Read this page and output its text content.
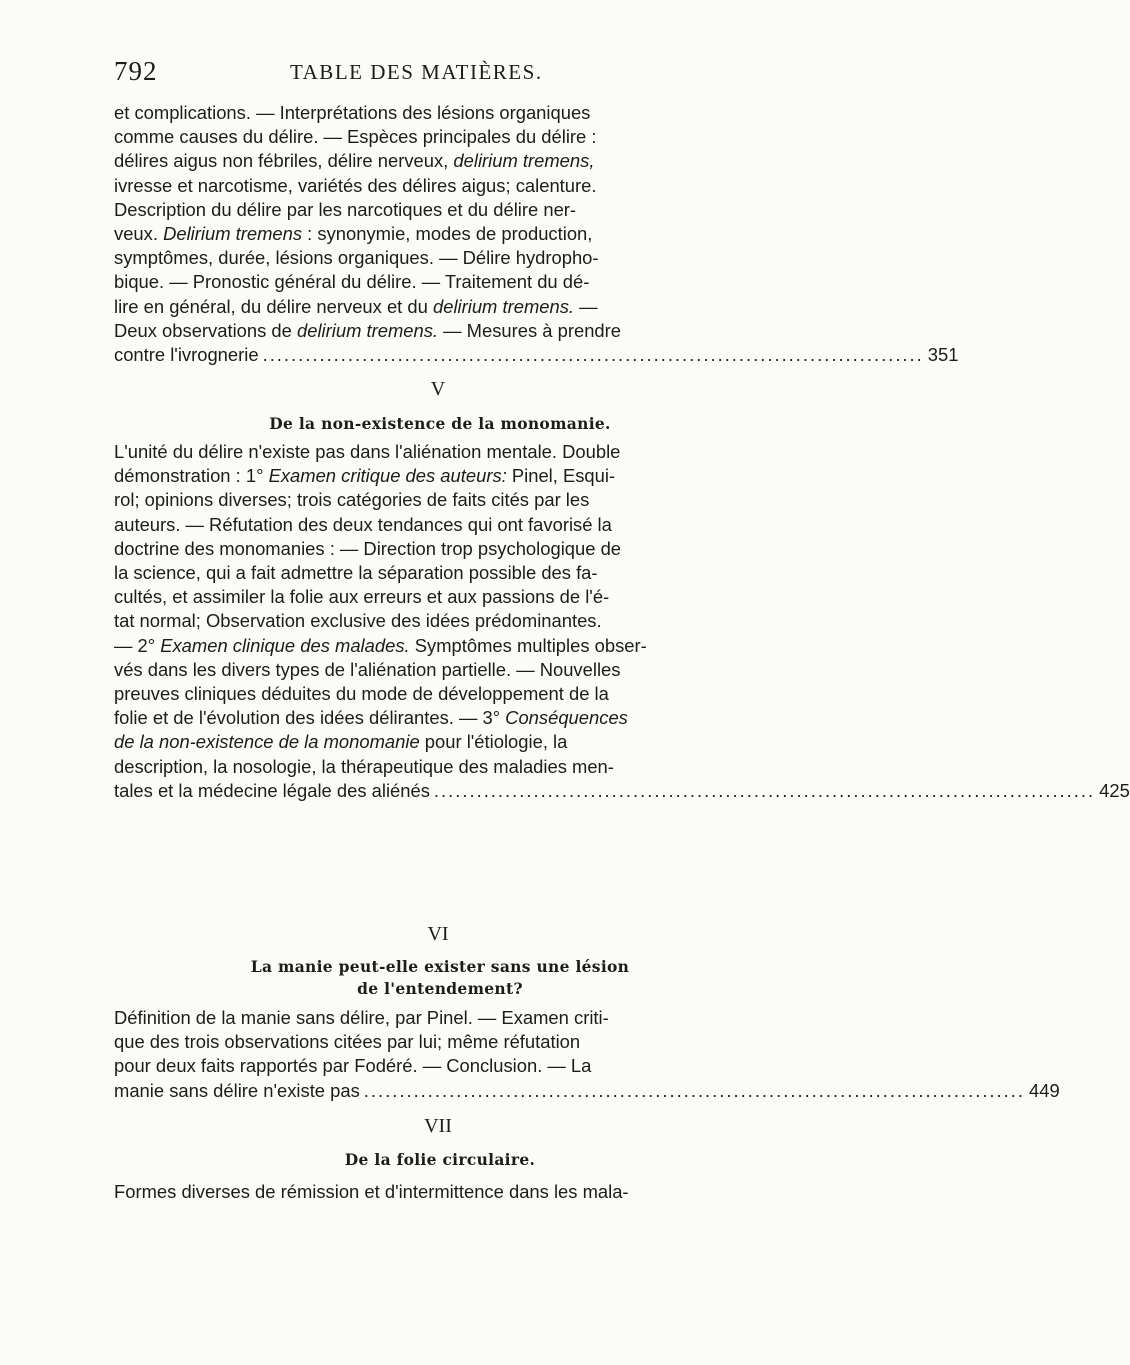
792	TABLE DES MATIÈRES.
et complications. — Interprétations des lésions organiques
comme causes du délire. — Espèces principales du délire :
délires aigus non fébriles, délire nerveux, delirium tremens,
ivresse et narcotisme, variétés des délires aigus; calenture.
Description du délire par les narcotiques et du délire ner-
veux. Delirium tremens : synonymie, modes de production,
symptômes, durée, lésions organiques. — Délire hydropho-
bique. — Pronostic général du délire. — Traitement du dé-
lire en général, du délire nerveux et du delirium tremens. —
Deux observations de delirium tremens. — Mesures à prendre
contre l'ivrognerie ............................................................................................. 351
V
De la non-existence de la monomanie.
L'unité du délire n'existe pas dans l'aliénation mentale. Double
démonstration : 1° Examen critique des auteurs: Pinel, Esqui-
rol; opinions diverses; trois catégories de faits cités par les
auteurs. — Réfutation des deux tendances qui ont favorisé la
doctrine des monomanies : — Direction trop psychologique de
la science, qui a fait admettre la séparation possible des fa-
cultés, et assimiler la folie aux erreurs et aux passions de l'é-
tat normal; Observation exclusive des idées prédominantes.
— 2° Examen clinique des malades. Symptômes multiples obser-
vés dans les divers types de l'aliénation partielle. — Nouvelles
preuves cliniques déduites du mode de développement de la
folie et de l'évolution des idées délirantes. — 3° Conséquences
de la non-existence de la monomanie pour l'étiologie, la
description, la nosologie, la thérapeutique des maladies men-
tales et la médecine légale des aliénés ............................................................................................. 425
VI
La manie peut-elle exister sans une lésion
de l'entendement?
Définition de la manie sans délire, par Pinel. — Examen criti-
que des trois observations citées par lui; même réfutation
pour deux faits rapportés par Fodéré. — Conclusion. — La
manie sans délire n'existe pas ............................................................................................. 449
VII
De la folie circulaire.
Formes diverses de rémission et d'intermittence dans les mala-
